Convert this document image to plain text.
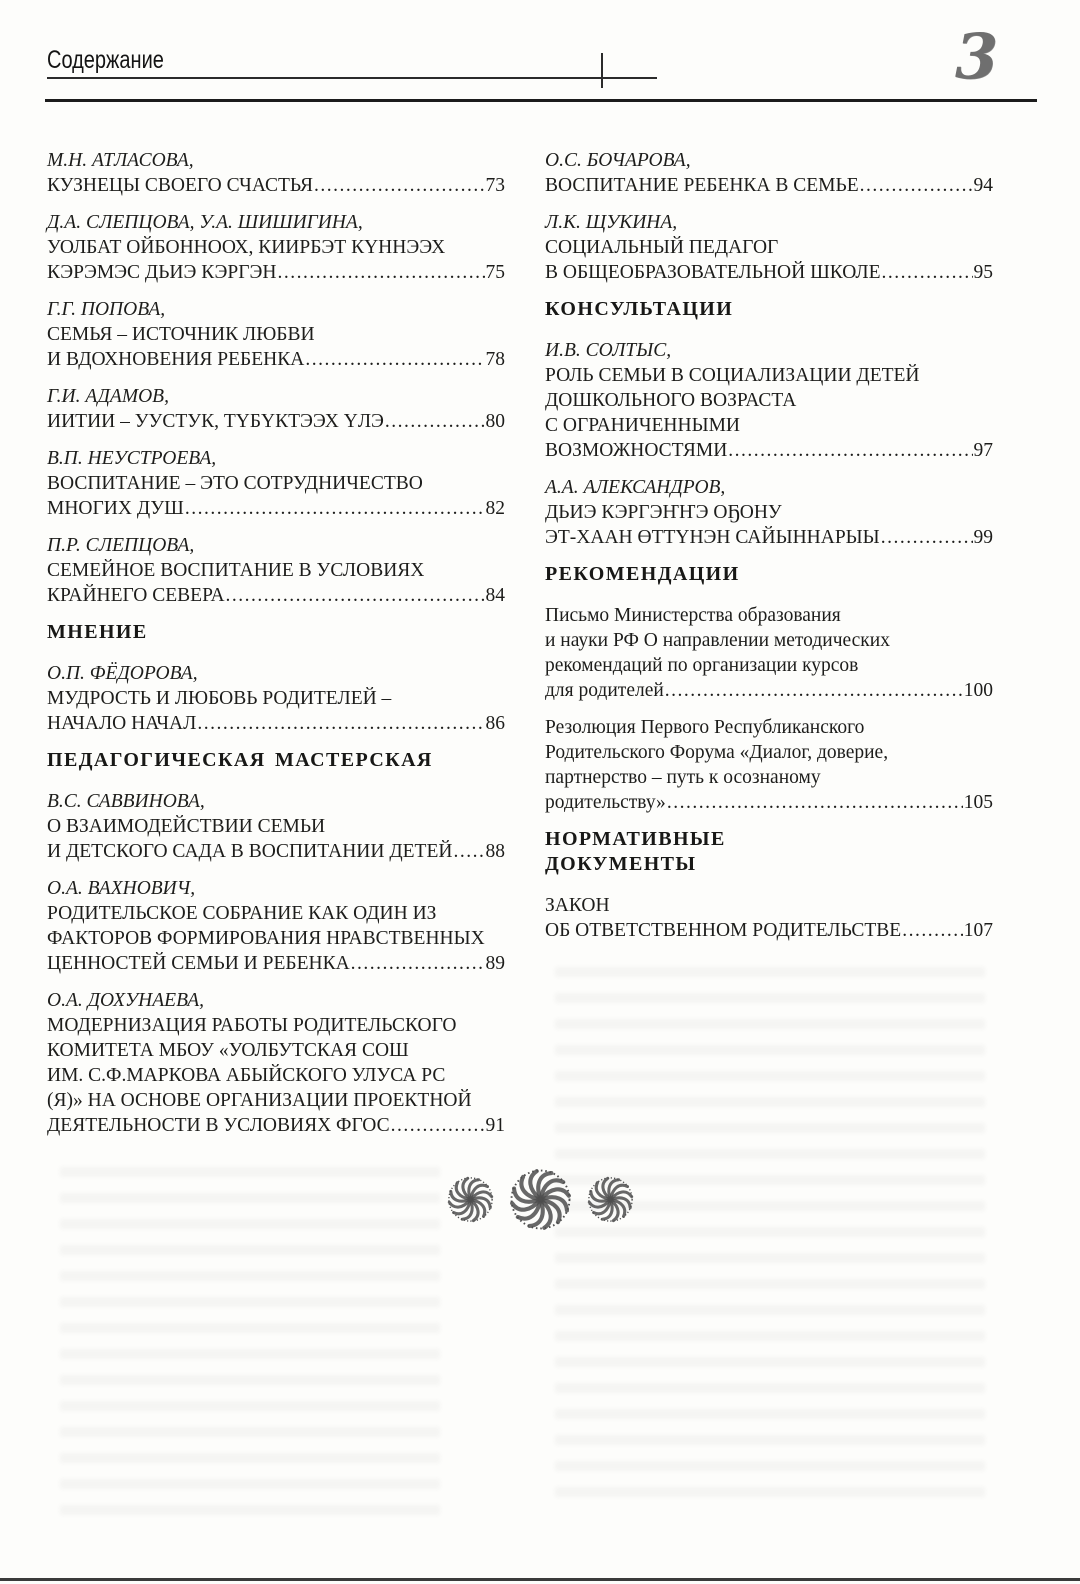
Содержание	3
М.Н. АТЛАСОВА,
КУЗНЕЦЫ СВОЕГО СЧАСТЬЯ .....	73
Д.А. СЛЕПЦОВА, У.А. ШИШИГИНА,
УОЛБАТ ОЙБОННООХ, КИИРБЭТ КҮННЭЭХ
КЭРЭМЭС ДЬИЭ КЭРГЭН .....	75
Г.Г. ПОПОВА,
СЕМЬЯ – ИСТОЧНИК ЛЮБВИ
И ВДОХНОВЕНИЯ РЕБЕНКА .....	78
Г.И. АДАМОВ,
ИИТИИ – УУСТУК, ТҮБҮКТЭЭХ ҮЛЭ .....	80
В.П. НЕУСТРОЕВА,
ВОСПИТАНИЕ – ЭТО СОТРУДНИЧЕСТВО
МНОГИХ ДУШ .....	82
П.Р. СЛЕПЦОВА,
СЕМЕЙНОЕ ВОСПИТАНИЕ В УСЛОВИЯХ
КРАЙНЕГО СЕВЕРА .....	84
МНЕНИЕ
О.П. ФЁДОРОВА,
МУДРОСТЬ И ЛЮБОВЬ РОДИТЕЛЕЙ –
НАЧАЛО НАЧАЛ .....	86
ПЕДАГОГИЧЕСКАЯ МАСТЕРСКАЯ
В.С. САВВИНОВА,
О ВЗАИМОДЕЙСТВИИ СЕМЬИ
И ДЕТСКОГО САДА В ВОСПИТАНИИ ДЕТЕЙ ..... 88
О.А. ВАХНОВИЧ,
РОДИТЕЛЬСКОЕ СОБРАНИЕ КАК ОДИН ИЗ
ФАКТОРОВ ФОРМИРОВАНИЯ НРАВСТВЕННЫХ
ЦЕННОСТЕЙ СЕМЬИ И РЕБЕНКА .....	89
О.А. ДОХУНАЕВА,
МОДЕРНИЗАЦИЯ РАБОТЫ РОДИТЕЛЬСКОГО
КОМИТЕТА МБОУ «УОЛБУТСКАЯ СОШ
ИМ. С.Ф.МАРКОВА АБЫЙСКОГО УЛУСА РС
(Я)» НА ОСНОВЕ ОРГАНИЗАЦИИ ПРОЕКТНОЙ
ДЕЯТЕЛЬНОСТИ В УСЛОВИЯХ ФГОС .....	91
О.С. БОЧАРОВА,
ВОСПИТАНИЕ РЕБЕНКА В СЕМЬЕ .....	94
Л.К. ЩУКИНА,
СОЦИАЛЬНЫЙ ПЕДАГОГ
В ОБЩЕОБРАЗОВАТЕЛЬНОЙ ШКОЛЕ .....	95
КОНСУЛЬТАЦИИ
И.В. СОЛТЫС,
РОЛЬ СЕМЬИ В СОЦИАЛИЗАЦИИ ДЕТЕЙ
ДОШКОЛЬНОГО ВОЗРАСТА
С ОГРАНИЧЕННЫМИ
ВОЗМОЖНОСТЯМИ .....	97
А.А. АЛЕКСАНДРОВ,
ДЬИЭ КЭРГЭҤҤЭ ОҔОНУ
ЭТ-ХААН ӨТТҮНЭН САЙЫННАРЫЫ .....	99
РЕКОМЕНДАЦИИ
Письмо Министерства образования
и науки РФ О направлении методических
рекомендаций по организации курсов
для родителей .....	100
Резолюция Первого Республиканского
Родительского Форума «Диалог, доверие,
партнерство – путь к осознаному
родительству» .....	105
НОРМАТИВНЫЕ
ДОКУМЕНТЫ
ЗАКОН
ОБ ОТВЕТСТВЕННОМ РОДИТЕЛЬСТВЕ .....	107
